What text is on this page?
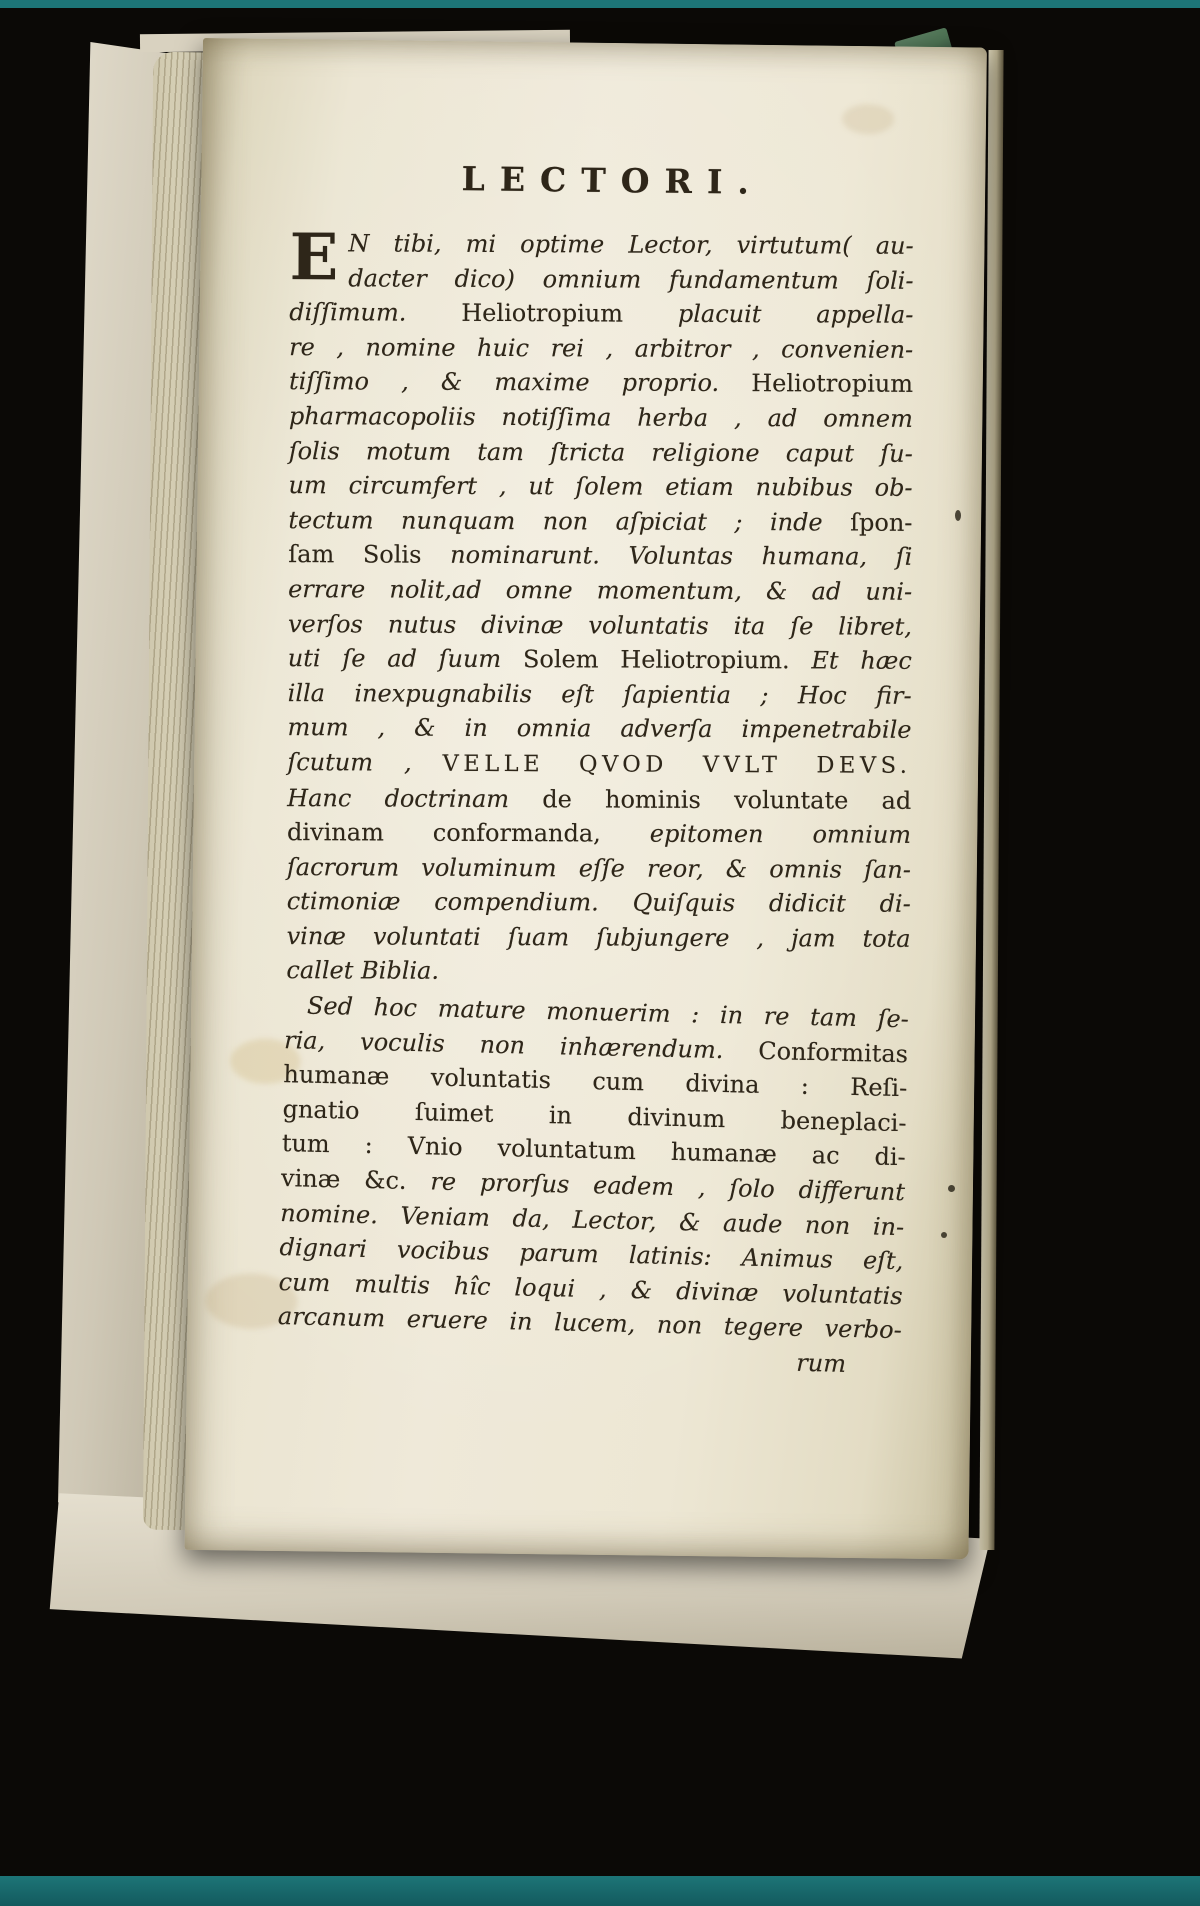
LECTORI.
E N tibi, mi optime Lector, virtutum( au-
dacter dico) omnium fundamentum ſoli-
diſſimum. Heliotropium placuit appella-
re , nomine huic rei , arbitror , convenien-
tiſſimo , & maxime proprio. Heliotropium
pharmacopoliis notiſſima herba , ad omnem
ſolis motum tam ſtricta religione caput ſu-
um circumfert , ut ſolem etiam nubibus ob-
tectum nunquam non aſpiciat ; inde ſpon-
ſam Solis nominarunt. Voluntas humana, ſi
errare nolit,ad omne momentum, & ad uni-
verſos nutus divinæ voluntatis ita ſe libret,
uti ſe ad ſuum Solem Heliotropium. Et hæc
illa inexpugnabilis eſt ſapientia ; Hoc fir-
mum , & in omnia adverſa impenetrabile
ſcutum , VELLE QVOD VVLT DEVS.
Hanc doctrinam de hominis voluntate ad
divinam conformanda, epitomen omnium
ſacrorum voluminum eſſe reor, & omnis ſan-
ctimoniæ compendium. Quiſquis didicit di-
vinæ voluntati ſuam ſubjungere , jam tota
callet Biblia.
Sed hoc mature monuerim : in re tam ſe-
ria, voculis non inhærendum. Conformitas
humanæ voluntatis cum divina : Reſi-
gnatio ſuimet in divinum beneplaci-
tum : Vnio voluntatum humanæ ac di-
vinæ &c. re prorſus eadem , ſolo differunt
nomine. Veniam da, Lector, & aude non in-
dignari vocibus parum latinis: Animus eſt,
cum multis hîc loqui , & divinæ voluntatis
arcanum eruere in lucem, non tegere verbo-
rum
